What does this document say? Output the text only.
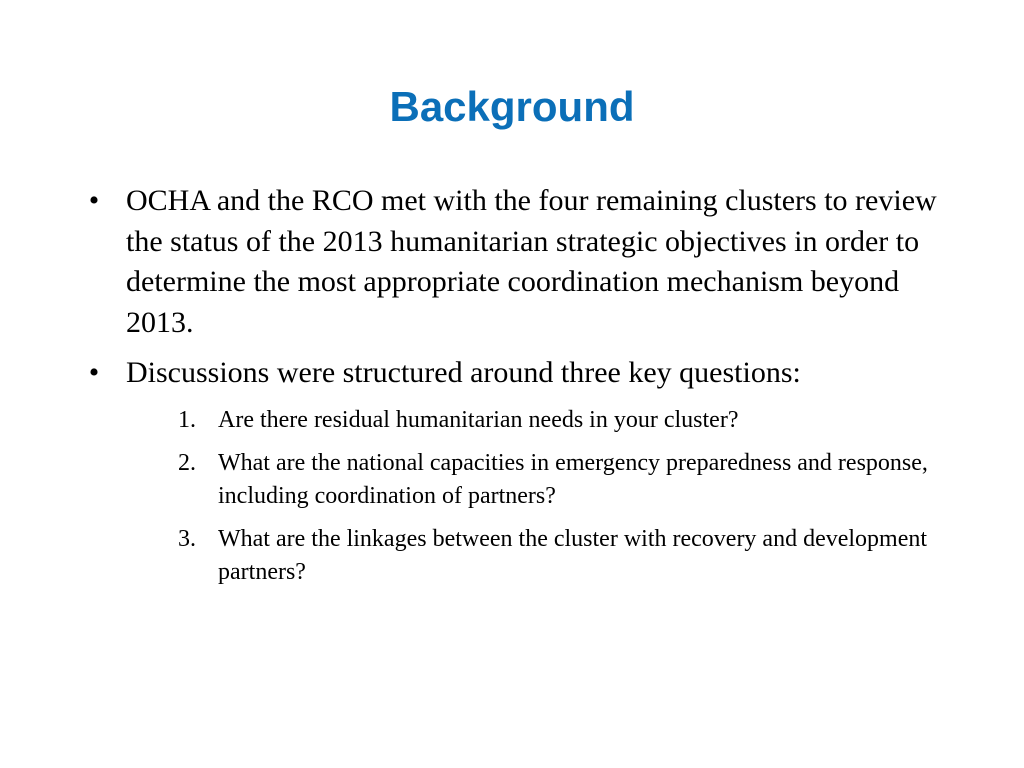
Background
• OCHA and the RCO met with the four remaining clusters to review the status of the 2013 humanitarian strategic objectives in order to determine the most appropriate coordination mechanism beyond 2013.
• Discussions were structured around three key questions:
1. Are there residual humanitarian needs in your cluster?
2. What are the national capacities in emergency preparedness and response, including coordination of partners?
3. What are the linkages between the cluster with recovery and development partners?
